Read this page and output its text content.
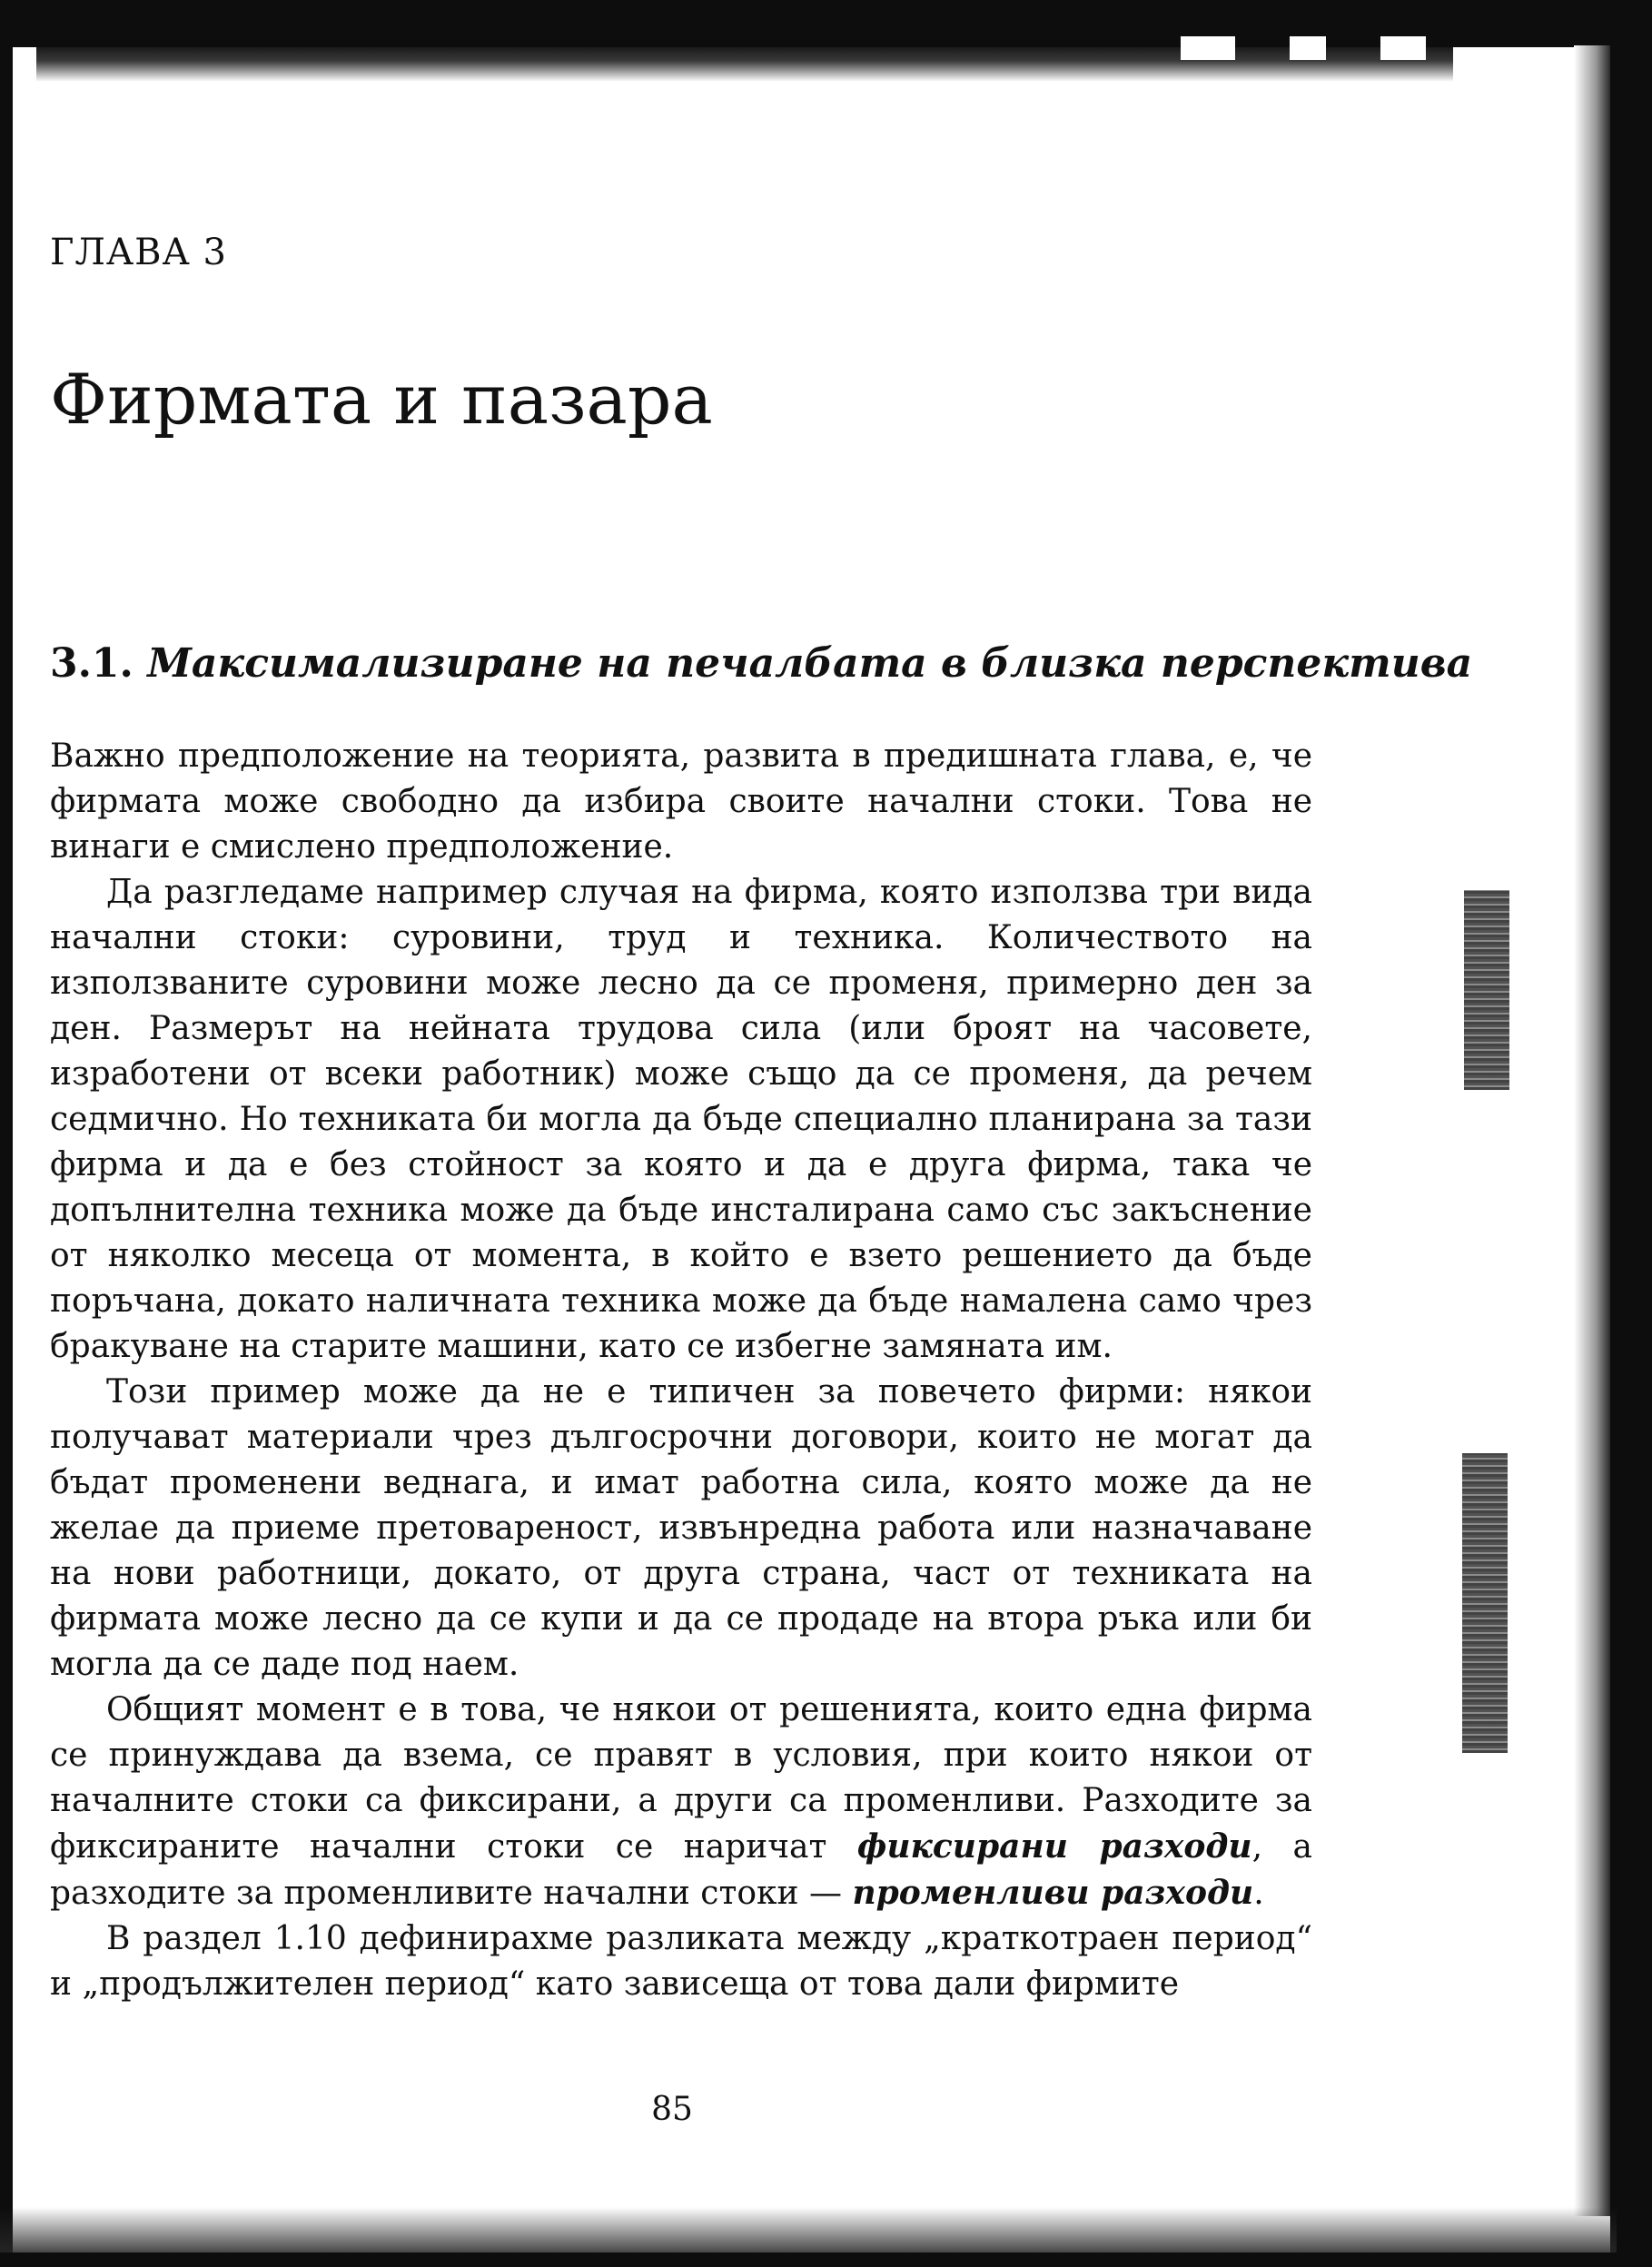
ГЛАВА 3
Фирмата и пазара
3.1. Максимализиране на печалбата в близка перспектива

Важно предположение на теорията, развита в предишната глава, е, че фирмата може свободно да избира своите начални стоки. Това не винаги е смислено предположение.

Да разгледаме например случая на фирма, която използва три вида начални стоки: суровини, труд и техника. Количеството на използваните суровини може лесно да се променя, примерно ден за ден. Размерът на нейната трудова сила (или броят на часовете, изработени от всеки работник) може също да се променя, да речем седмично. Но техниката би могла да бъде специално планирана за тази фирма и да е без стойност за която и да е друга фирма, така че допълнителна техника може да бъде инсталирана само със закъснение от няколко месеца от момента, в който е взето решението да бъде поръчана, докато наличната техника може да бъде намалена само чрез бракуване на старите машини, като се избегне замяната им.

Този пример може да не е типичен за повечето фирми: някои получават материали чрез дългосрочни договори, които не могат да бъдат променени веднага, и имат работна сила, която може да не желае да приеме претовареност, извънредна работа или назначаване на нови работници, докато, от друга страна, част от техниката на фирмата може лесно да се купи и да се продаде на втора ръка или би могла да се даде под наем.

Общият момент е в това, че някои от решенията, които една фирма се принуждава да взема, се правят в условия, при които някои от началните стоки са фиксирани, а други са променливи. Разходите за фиксираните начални стоки се наричат фиксирани разходи, а разходите за променливите начални стоки — променливи разходи.

В раздел 1.10 дефинирахме разликата между „краткотраен период“ и „продължителен период“ като зависеща от това дали фирмите

85
